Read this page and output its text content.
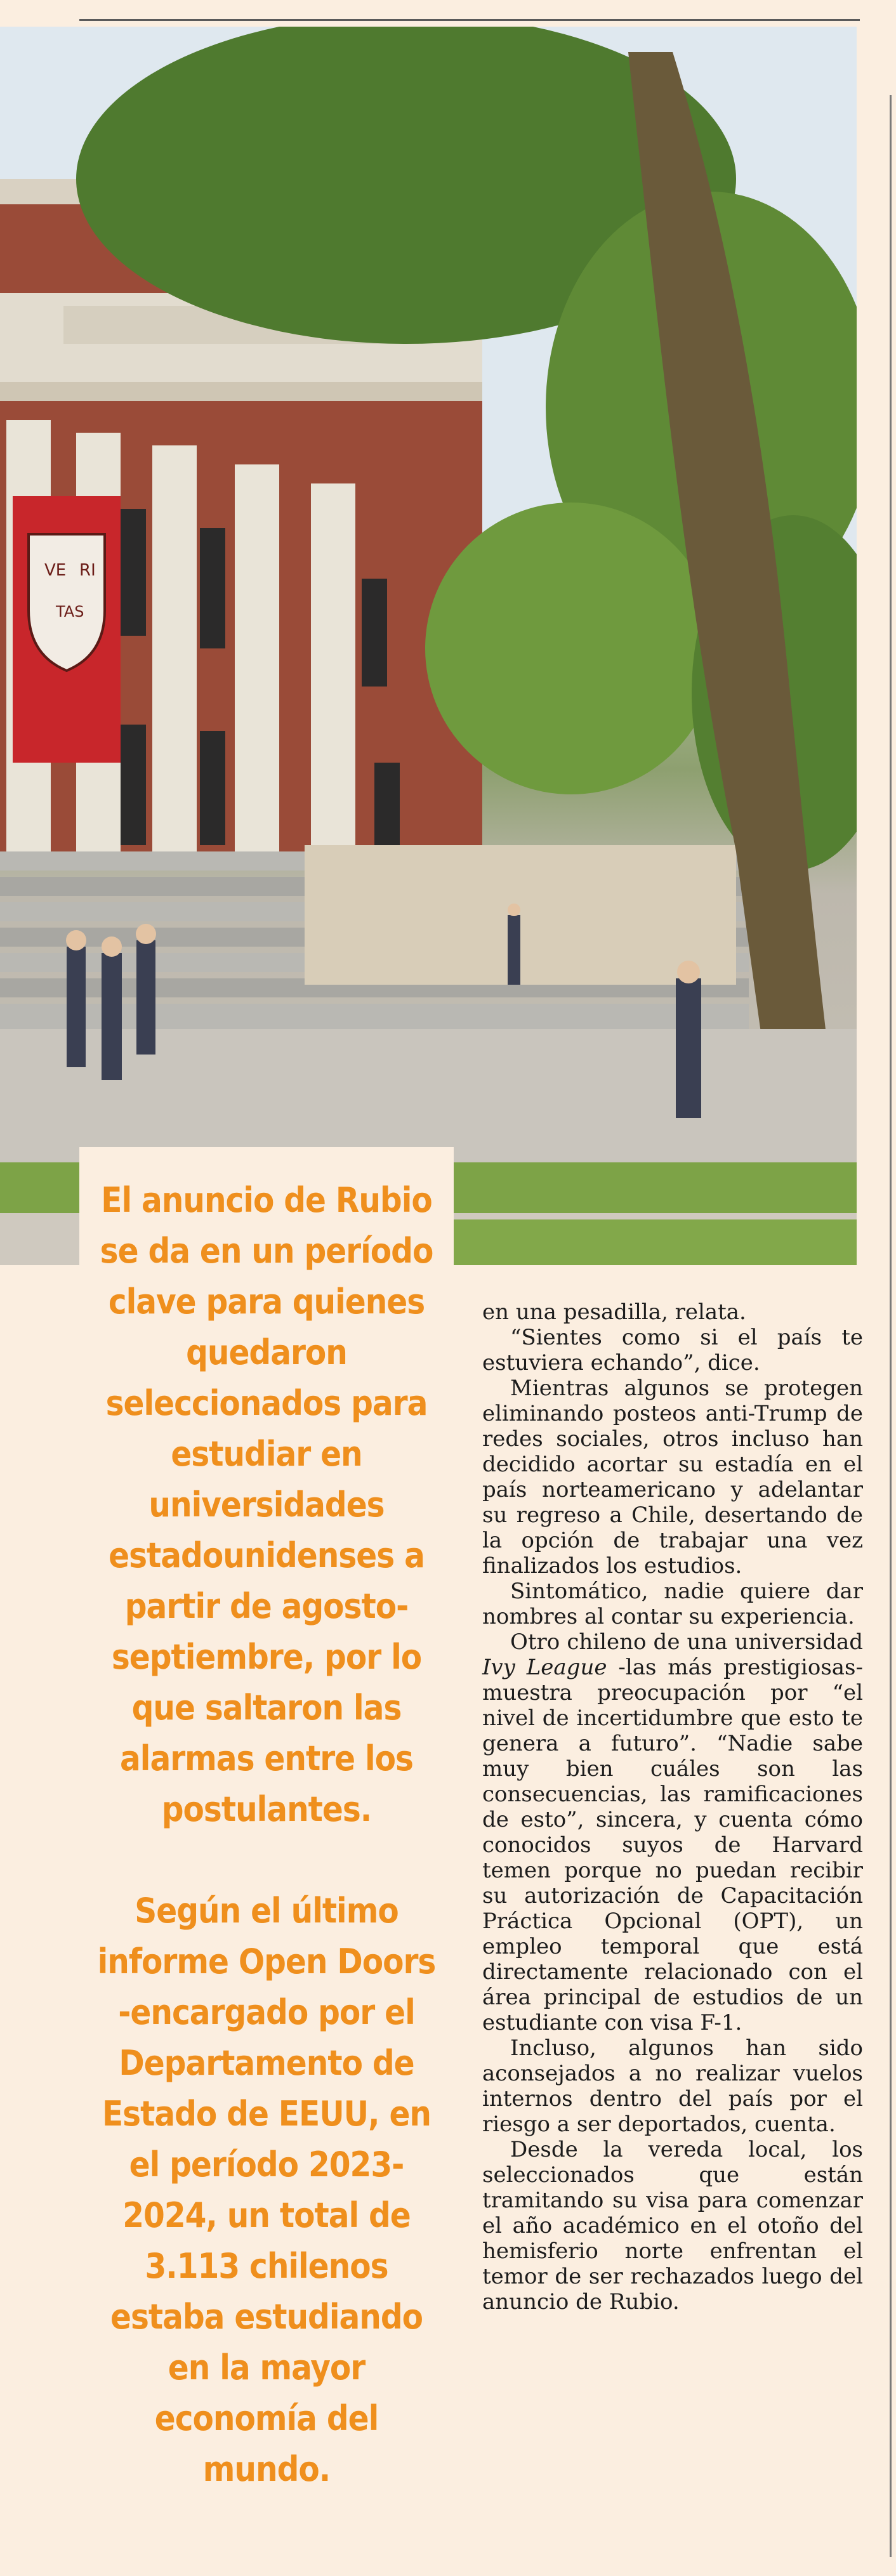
VE RI
TAS

El anuncio de Rubio se da en un período clave para quienes quedaron seleccionados para estudiar en universidades estadounidenses a partir de agosto-septiembre, por lo que saltaron las alarmas entre los postulantes.

Según el último informe Open Doors -encargado por el Departamento de Estado de EEUU, en el período 2023-2024, un total de 3.113 chilenos estaba estudiando en la mayor economía del mundo.

en una pesadilla, relata.

“Sientes como si el país te estuviera echando”, dice.

Mientras algunos se protegen eliminando posteos anti-Trump de redes sociales, otros incluso han decidido acortar su estadía en el país norteamericano y adelantar su regreso a Chile, desertando de la opción de trabajar una vez finalizados los estudios.

Sintomático, nadie quiere dar nombres al contar su experiencia.

Otro chileno de una universidad Ivy League -las más prestigiosas- muestra preocupación por “el nivel de incertidumbre que esto te genera a futuro”. “Nadie sabe muy bien cuáles son las consecuencias, las ramificaciones de esto”, sincera, y cuenta cómo conocidos suyos de Harvard temen porque no puedan recibir su autorización de Capacitación Práctica Opcional (OPT), un empleo temporal que está directamente relacionado con el área principal de estudios de un estudiante con visa F-1.

Incluso, algunos han sido aconsejados a no realizar vuelos internos dentro del país por el riesgo a ser deportados, cuenta.

Desde la vereda local, los seleccionados que están tramitando su visa para comenzar el año académico en el otoño del hemisferio norte enfrentan el temor de ser rechazados luego del anuncio de Rubio.
